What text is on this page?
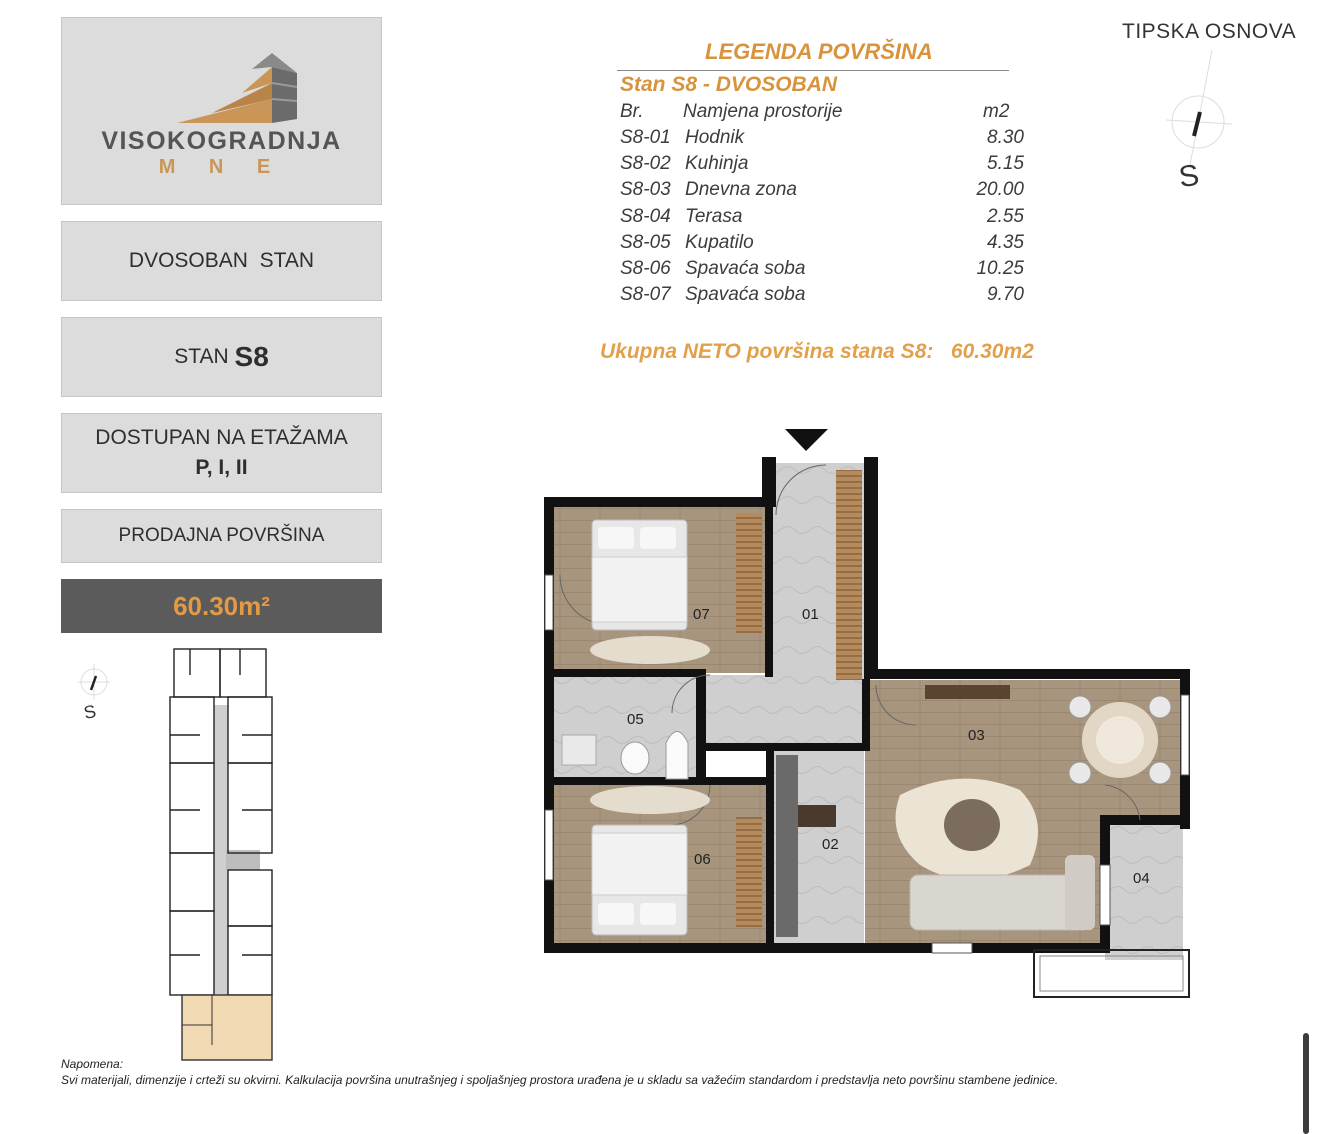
VISOKOGRADNJA
M N E
DVOSOBAN  STAN
STAN
S8
DOSTUPAN NA ETAŽAMA
P, I, II
PRODAJNA POVRŠINA
60.30m²
S
LEGENDA POVRŠINA
Stan S8 - DVOSOBAN
Br. Namjena prostorije	m2
S8-01 Hodnik	8.30
S8-02 Kuhinja	5.15
S8-03 Dnevna zona	20.00
S8-04 Terasa	2.55
S8-05 Kupatilo	4.35
S8-06 Spavaća soba	10.25
S8-07 Spavaća soba	9.70
Ukupna NETO površina stana S8: 60.30m2
TIPSKA OSNOVA
S
01
02
03
04
05
06
07
Napomena:
Svi materijali, dimenzije i crteži su okvirni. Kalkulacija površina unutrašnjeg i spoljašnjeg prostora urađena je u skladu sa važećim standardom i predstavlja neto površinu stambene jedinice.
